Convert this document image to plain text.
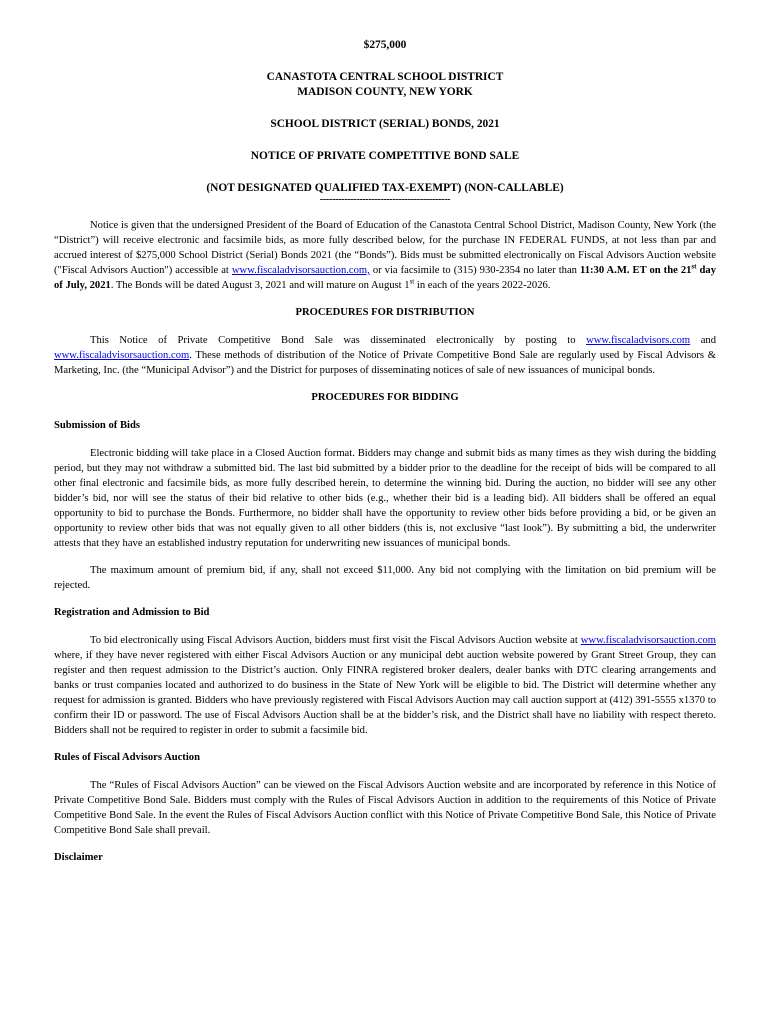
$275,000
CANASTOTA CENTRAL SCHOOL DISTRICT
MADISON COUNTY, NEW YORK
SCHOOL DISTRICT (SERIAL) BONDS, 2021
NOTICE OF PRIVATE COMPETITIVE BOND SALE
(NOT DESIGNATED QUALIFIED TAX-EXEMPT) (NON-CALLABLE)
-------------------------------------------

Notice is given that the undersigned President of the Board of Education of the Canastota Central School District, Madison County, New York (the “District”) will receive electronic and facsimile bids, as more fully described below, for the purchase IN FEDERAL FUNDS, at not less than par and accrued interest of $275,000 School District (Serial) Bonds 2021 (the “Bonds”). Bids must be submitted electronically on Fiscal Advisors Auction website ("Fiscal Advisors Auction") accessible at www.fiscaladvisorsauction.com, or via facsimile to (315) 930-2354 no later than 11:30 A.M. ET on the 21st day of July, 2021. The Bonds will be dated August 3, 2021 and will mature on August 1st in each of the years 2022-2026.

PROCEDURES FOR DISTRIBUTION

This Notice of Private Competitive Bond Sale was disseminated electronically by posting to www.fiscaladvisors.com and www.fiscaladvisorsauction.com. These methods of distribution of the Notice of Private Competitive Bond Sale are regularly used by Fiscal Advisors & Marketing, Inc. (the “Municipal Advisor”) and the District for purposes of disseminating notices of sale of new issuances of municipal bonds.

PROCEDURES FOR BIDDING
Submission of Bids

Electronic bidding will take place in a Closed Auction format. Bidders may change and submit bids as many times as they wish during the bidding period, but they may not withdraw a submitted bid. The last bid submitted by a bidder prior to the deadline for the receipt of bids will be compared to all other final electronic and facsimile bids, as more fully described herein, to determine the winning bid. During the auction, no bidder will see any other bidder’s bid, nor will see the status of their bid relative to other bids (e.g., whether their bid is a leading bid). All bidders shall be offered an equal opportunity to bid to purchase the Bonds. Furthermore, no bidder shall have the opportunity to review other bids before providing a bid, or be given an opportunity to review other bids that was not equally given to all other bidders (this is, not exclusive “last look”). By submitting a bid, the underwriter attests that they have an established industry reputation for underwriting new issuances of municipal bonds.

The maximum amount of premium bid, if any, shall not exceed $11,000. Any bid not complying with the limitation on bid premium will be rejected.

Registration and Admission to Bid

To bid electronically using Fiscal Advisors Auction, bidders must first visit the Fiscal Advisors Auction website at www.fiscaladvisorsauction.com where, if they have never registered with either Fiscal Advisors Auction or any municipal debt auction website powered by Grant Street Group, they can register and then request admission to the District’s auction. Only FINRA registered broker dealers, dealer banks with DTC clearing arrangements and banks or trust companies located and authorized to do business in the State of New York will be eligible to bid. The District will determine whether any request for admission is granted. Bidders who have previously registered with Fiscal Advisors Auction may call auction support at (412) 391-5555 x1370 to confirm their ID or password. The use of Fiscal Advisors Auction shall be at the bidder’s risk, and the District shall have no liability with respect thereto. Bidders shall not be required to register in order to submit a facsimile bid.

Rules of Fiscal Advisors Auction

The “Rules of Fiscal Advisors Auction” can be viewed on the Fiscal Advisors Auction website and are incorporated by reference in this Notice of Private Competitive Bond Sale. Bidders must comply with the Rules of Fiscal Advisors Auction in addition to the requirements of this Notice of Private Competitive Bond Sale. In the event the Rules of Fiscal Advisors Auction conflict with this Notice of Private Competitive Bond Sale, this Notice of Private Competitive Bond Sale shall prevail.

Disclaimer
